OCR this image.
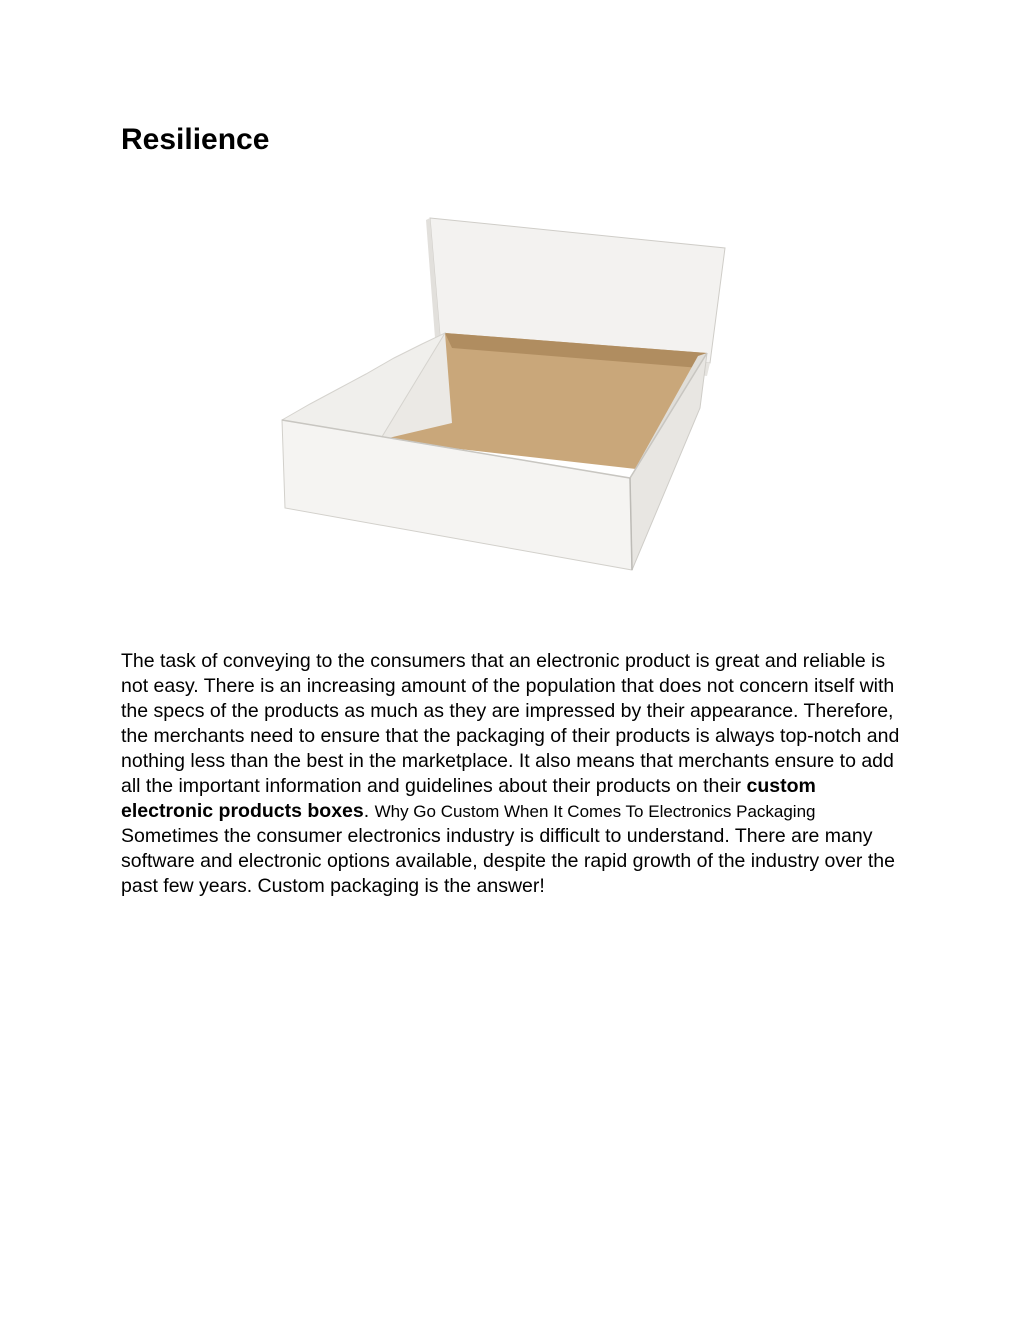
Resilience

The task of conveying to the consumers that an electronic product is great and reliable is not easy. There is an increasing amount of the population that does not concern itself with the specs of the products as much as they are impressed by their appearance. Therefore, the merchants need to ensure that the packaging of their products is always top-notch and nothing less than the best in the marketplace. It also means that merchants ensure to add all the important information and guidelines about their products on their custom electronic products boxes. Why Go Custom When It Comes To Electronics Packaging
Sometimes the consumer electronics industry is difficult to understand. There are many software and electronic options available, despite the rapid growth of the industry over the past few years. Custom packaging is the answer!
